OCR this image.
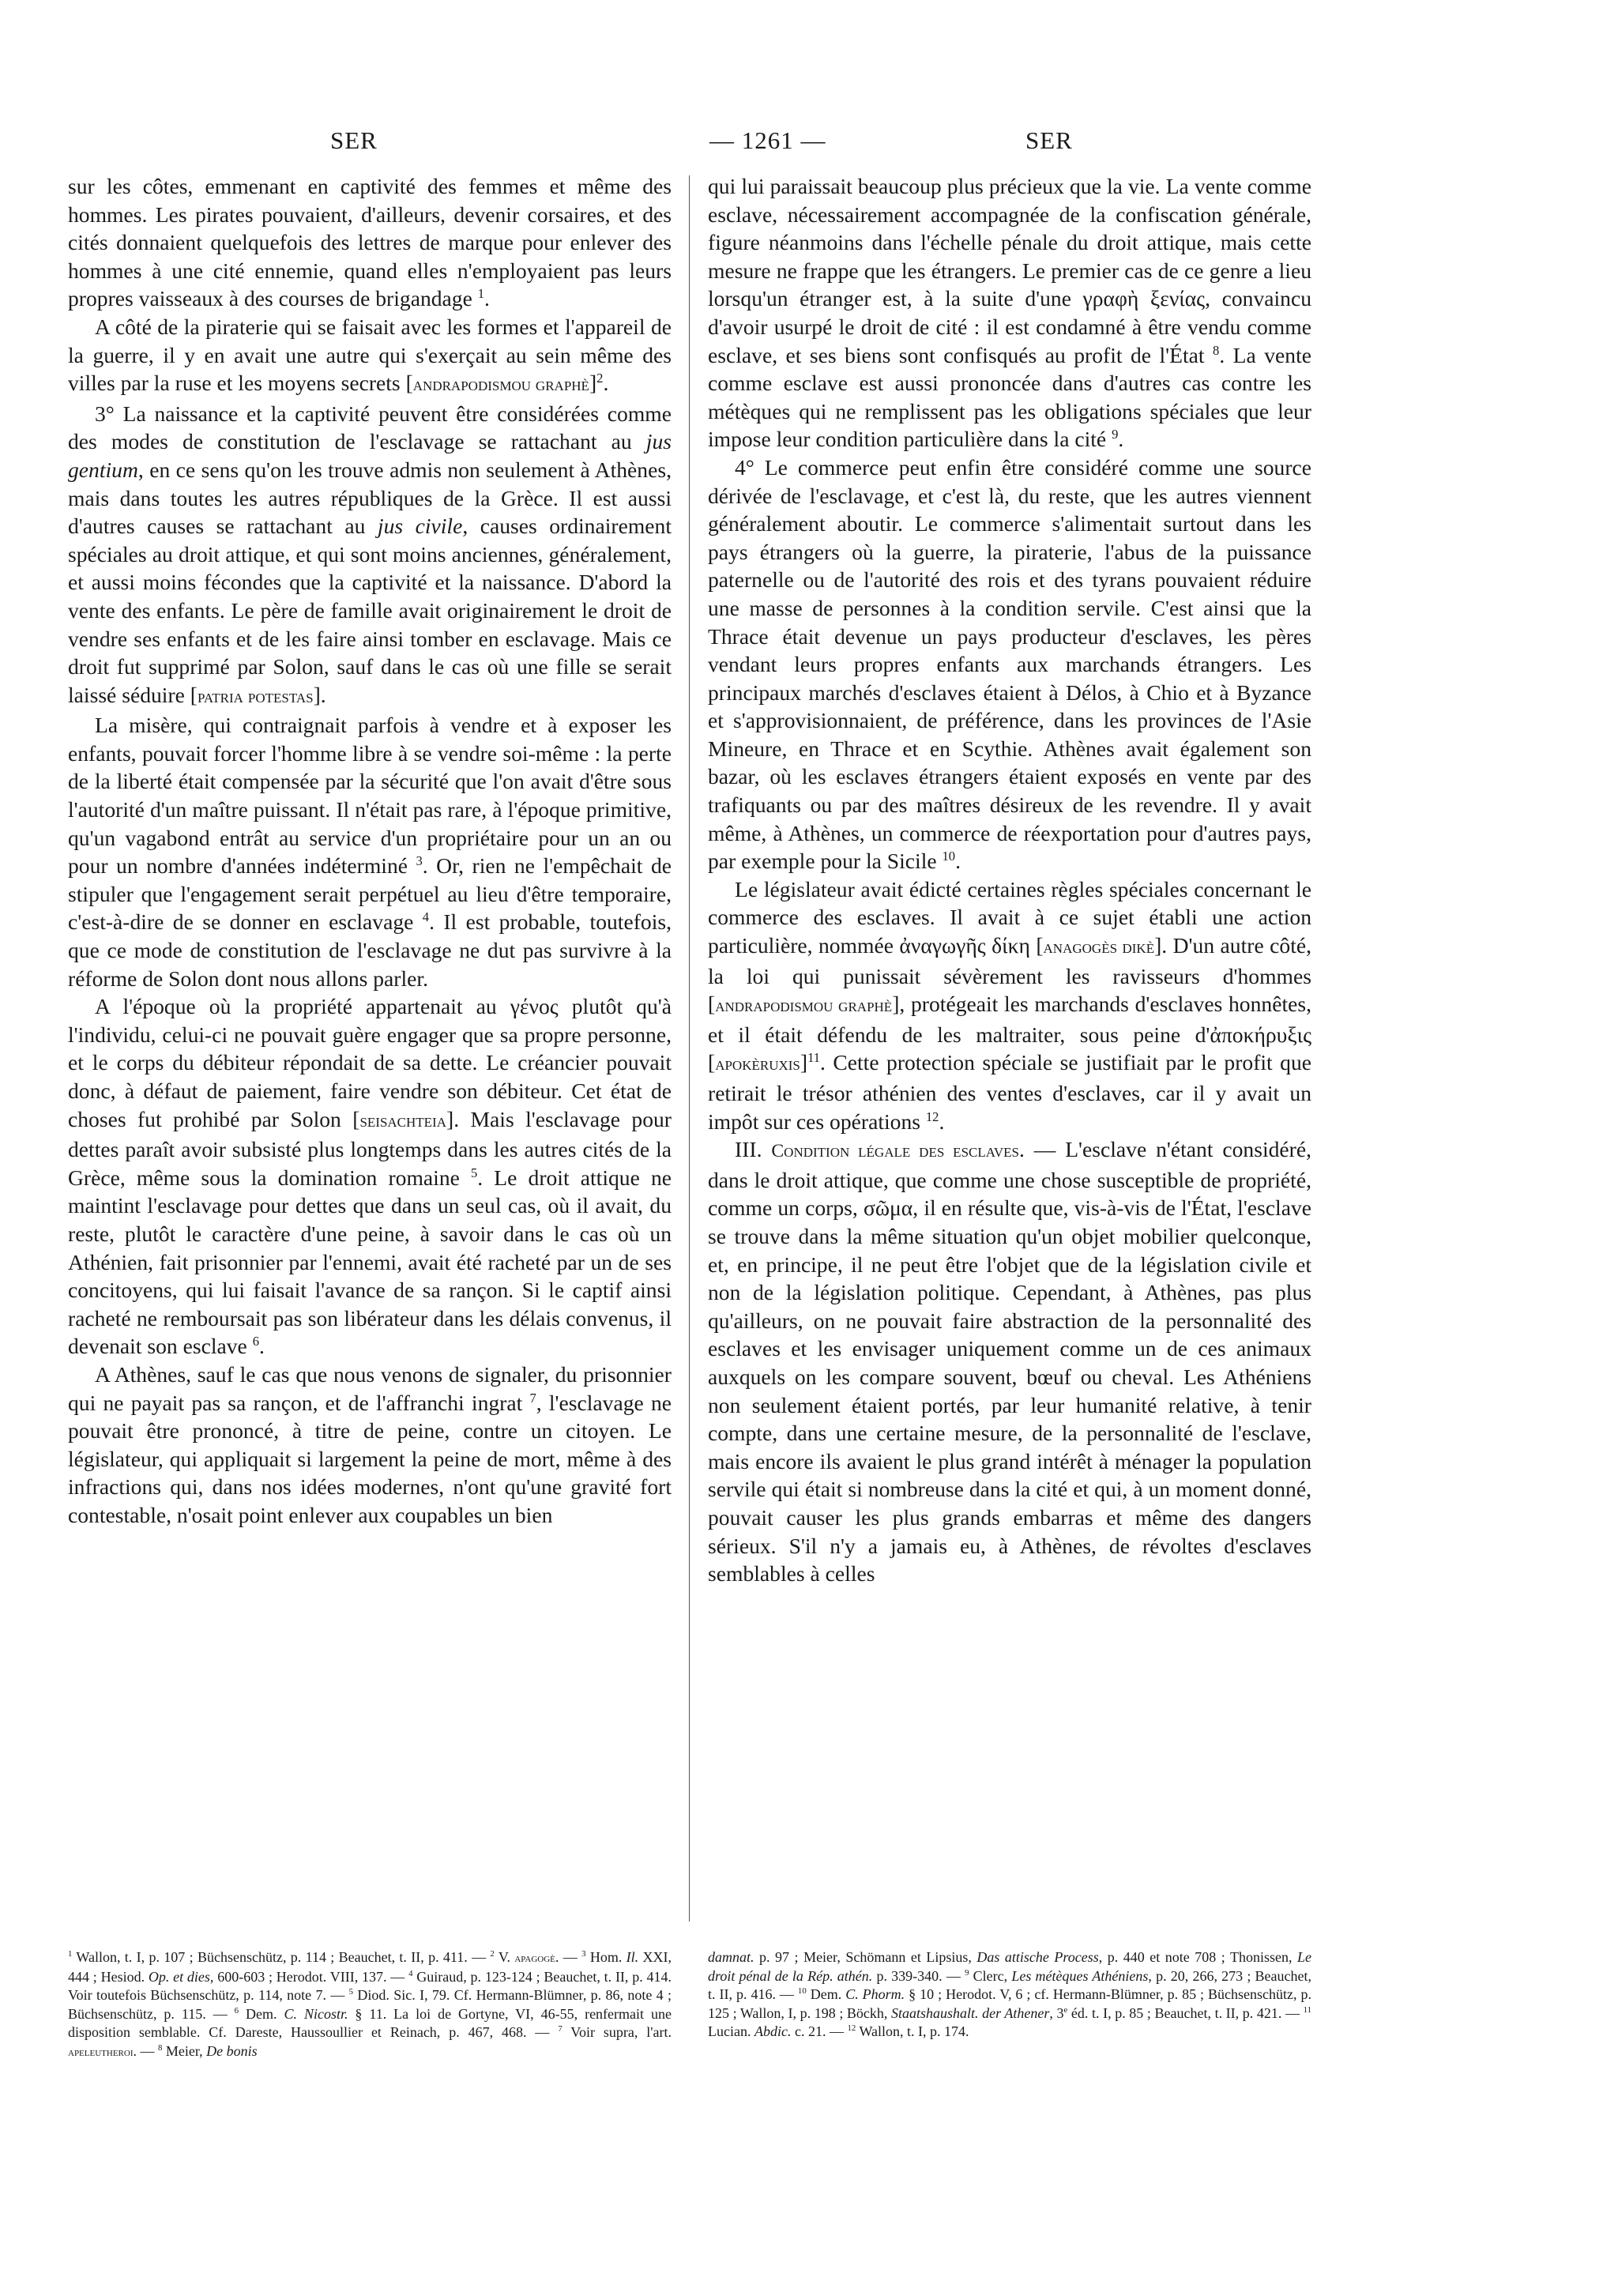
SER	— 1261 —	SER

sur les côtes, emmenant en captivité des femmes et même des hommes. Les pirates pouvaient, d'ailleurs, devenir corsaires, et des cités donnaient quelquefois des lettres de marque pour enlever des hommes à une cité ennemie, quand elles n'employaient pas leurs propres vaisseaux à des courses de brigandage $^1$.

A côté de la piraterie qui se faisait avec les formes et l'appareil de la guerre, il y en avait une autre qui s'exerçait au sein même des villes par la ruse et les moyens secrets [andrapodismou graphè]$^2$.

3° La naissance et la captivité peuvent être considérées comme des modes de constitution de l'esclavage se rattachant au jus gentium, en ce sens qu'on les trouve admis non seulement à Athènes, mais dans toutes les autres républiques de la Grèce. Il est aussi d'autres causes se rattachant au jus civile, causes ordinairement spéciales au droit attique, et qui sont moins anciennes, généralement, et aussi moins fécondes que la captivité et la naissance. D'abord la vente des enfants. Le père de famille avait originairement le droit de vendre ses enfants et de les faire ainsi tomber en esclavage. Mais ce droit fut supprimé par Solon, sauf dans le cas où une fille se serait laissé séduire [patria potestas].

La misère, qui contraignait parfois à vendre et à exposer les enfants, pouvait forcer l'homme libre à se vendre soi-même : la perte de la liberté était compensée par la sécurité que l'on avait d'être sous l'autorité d'un maître puissant. Il n'était pas rare, à l'époque primitive, qu'un vagabond entrât au service d'un propriétaire pour un an ou pour un nombre d'années indéterminé $^3$. Or, rien ne l'empêchait de stipuler que l'engagement serait perpétuel au lieu d'être temporaire, c'est-à-dire de se donner en esclavage $^4$. Il est probable, toutefois, que ce mode de constitution de l'esclavage ne dut pas survivre à la réforme de Solon dont nous allons parler.

A l'époque où la propriété appartenait au γένος plutôt qu'à l'individu, celui-ci ne pouvait guère engager que sa propre personne, et le corps du débiteur répondait de sa dette. Le créancier pouvait donc, à défaut de paiement, faire vendre son débiteur. Cet état de choses fut prohibé par Solon [seisachteia]. Mais l'esclavage pour dettes paraît avoir subsisté plus longtemps dans les autres cités de la Grèce, même sous la domination romaine $^5$. Le droit attique ne maintint l'esclavage pour dettes que dans un seul cas, où il avait, du reste, plutôt le caractère d'une peine, à savoir dans le cas où un Athénien, fait prisonnier par l'ennemi, avait été racheté par un de ses concitoyens, qui lui faisait l'avance de sa rançon. Si le captif ainsi racheté ne remboursait pas son libérateur dans les délais convenus, il devenait son esclave $^6$.

A Athènes, sauf le cas que nous venons de signaler, du prisonnier qui ne payait pas sa rançon, et de l'affranchi ingrat $^7$, l'esclavage ne pouvait être prononcé, à titre de peine, contre un citoyen. Le législateur, qui appliquait si largement la peine de mort, même à des infractions qui, dans nos idées modernes, n'ont qu'une gravité fort contestable, n'osait point enlever aux coupables un bien

qui lui paraissait beaucoup plus précieux que la vie. La vente comme esclave, nécessairement accompagnée de la confiscation générale, figure néanmoins dans l'échelle pénale du droit attique, mais cette mesure ne frappe que les étrangers. Le premier cas de ce genre a lieu lorsqu'un étranger est, à la suite d'une γραφὴ ξενίας, convaincu d'avoir usurpé le droit de cité : il est condamné à être vendu comme esclave, et ses biens sont confisqués au profit de l'État $^8$. La vente comme esclave est aussi prononcée dans d'autres cas contre les métèques qui ne remplissent pas les obligations spéciales que leur impose leur condition particulière dans la cité $^9$.

4° Le commerce peut enfin être considéré comme une source dérivée de l'esclavage, et c'est là, du reste, que les autres viennent généralement aboutir. Le commerce s'alimentait surtout dans les pays étrangers où la guerre, la piraterie, l'abus de la puissance paternelle ou de l'autorité des rois et des tyrans pouvaient réduire une masse de personnes à la condition servile. C'est ainsi que la Thrace était devenue un pays producteur d'esclaves, les pères vendant leurs propres enfants aux marchands étrangers. Les principaux marchés d'esclaves étaient à Délos, à Chio et à Byzance et s'approvisionnaient, de préférence, dans les provinces de l'Asie Mineure, en Thrace et en Scythie. Athènes avait également son bazar, où les esclaves étrangers étaient exposés en vente par des trafiquants ou par des maîtres désireux de les revendre. Il y avait même, à Athènes, un commerce de réexportation pour d'autres pays, par exemple pour la Sicile $^{10}$.

Le législateur avait édicté certaines règles spéciales concernant le commerce des esclaves. Il avait à ce sujet établi une action particulière, nommée ἀναγωγῆς δίκη [anagogès dikè]. D'un autre côté, la loi qui punissait sévèrement les ravisseurs d'hommes [andrapodismou graphè], protégeait les marchands d'esclaves honnêtes, et il était défendu de les maltraiter, sous peine d'ἀποκήρυξις [apokèruxis]$^{11}$. Cette protection spéciale se justifiait par le profit que retirait le trésor athénien des ventes d'esclaves, car il y avait un impôt sur ces opérations $^{12}$.

III. Condition légale des esclaves. — L'esclave n'étant considéré, dans le droit attique, que comme une chose susceptible de propriété, comme un corps, σῶμα, il en résulte que, vis-à-vis de l'État, l'esclave se trouve dans la même situation qu'un objet mobilier quelconque, et, en principe, il ne peut être l'objet que de la législation civile et non de la législation politique. Cependant, à Athènes, pas plus qu'ailleurs, on ne pouvait faire abstraction de la personnalité des esclaves et les envisager uniquement comme un de ces animaux auxquels on les compare souvent, bœuf ou cheval. Les Athéniens non seulement étaient portés, par leur humanité relative, à tenir compte, dans une certaine mesure, de la personnalité de l'esclave, mais encore ils avaient le plus grand intérêt à ménager la population servile qui était si nombreuse dans la cité et qui, à un moment donné, pouvait causer les plus grands embarras et même des dangers sérieux. S'il n'y a jamais eu, à Athènes, de révoltes d'esclaves semblables à celles

$^1$ Wallon, t. I, p. 107 ; Büchsenschütz, p. 114 ; Beauchet, t. II, p. 411. — $^2$ V. apagogè. — $^3$ Hom. Il. XXI, 444 ; Hesiod. Op. et dies, 600-603 ; Herodot. VIII, 137. — $^4$ Guiraud, p. 123-124 ; Beauchet, t. II, p. 414. Voir toutefois Büchsenschütz, p. 114, note 7. — $^5$ Diod. Sic. I, 79. Cf. Hermann-Blümner, p. 86, note 4 ; Büchsenschütz, p. 115. — $^6$ Dem. C. Nicostr. § 11. La loi de Gortyne, VI, 46-55, renfermait une disposition semblable. Cf. Dareste, Haussoullier et Reinach, p. 467, 468. — $^7$ Voir supra, l'art. apeleutheroi. — $^8$ Meier, De bonis
damnat. p. 97 ; Meier, Schömann et Lipsius, Das attische Process, p. 440 et note 708 ; Thonissen, Le droit pénal de la Rép. athén. p. 339-340. — $^9$ Clerc, Les métèques Athéniens, p. 20, 266, 273 ; Beauchet, t. II, p. 416. — $^{10}$ Dem. C. Phorm. § 10 ; Herodot. V, 6 ; cf. Hermann-Blümner, p. 85 ; Büchsenschütz, p. 125 ; Wallon, I, p. 198 ; Böckh, Staatshaushalt. der Athener, 3e éd. t. I, p. 85 ; Beauchet, t. II, p. 421. — $^{11}$ Lucian. Abdic. c. 21. — $^{12}$ Wallon, t. I, p. 174.
